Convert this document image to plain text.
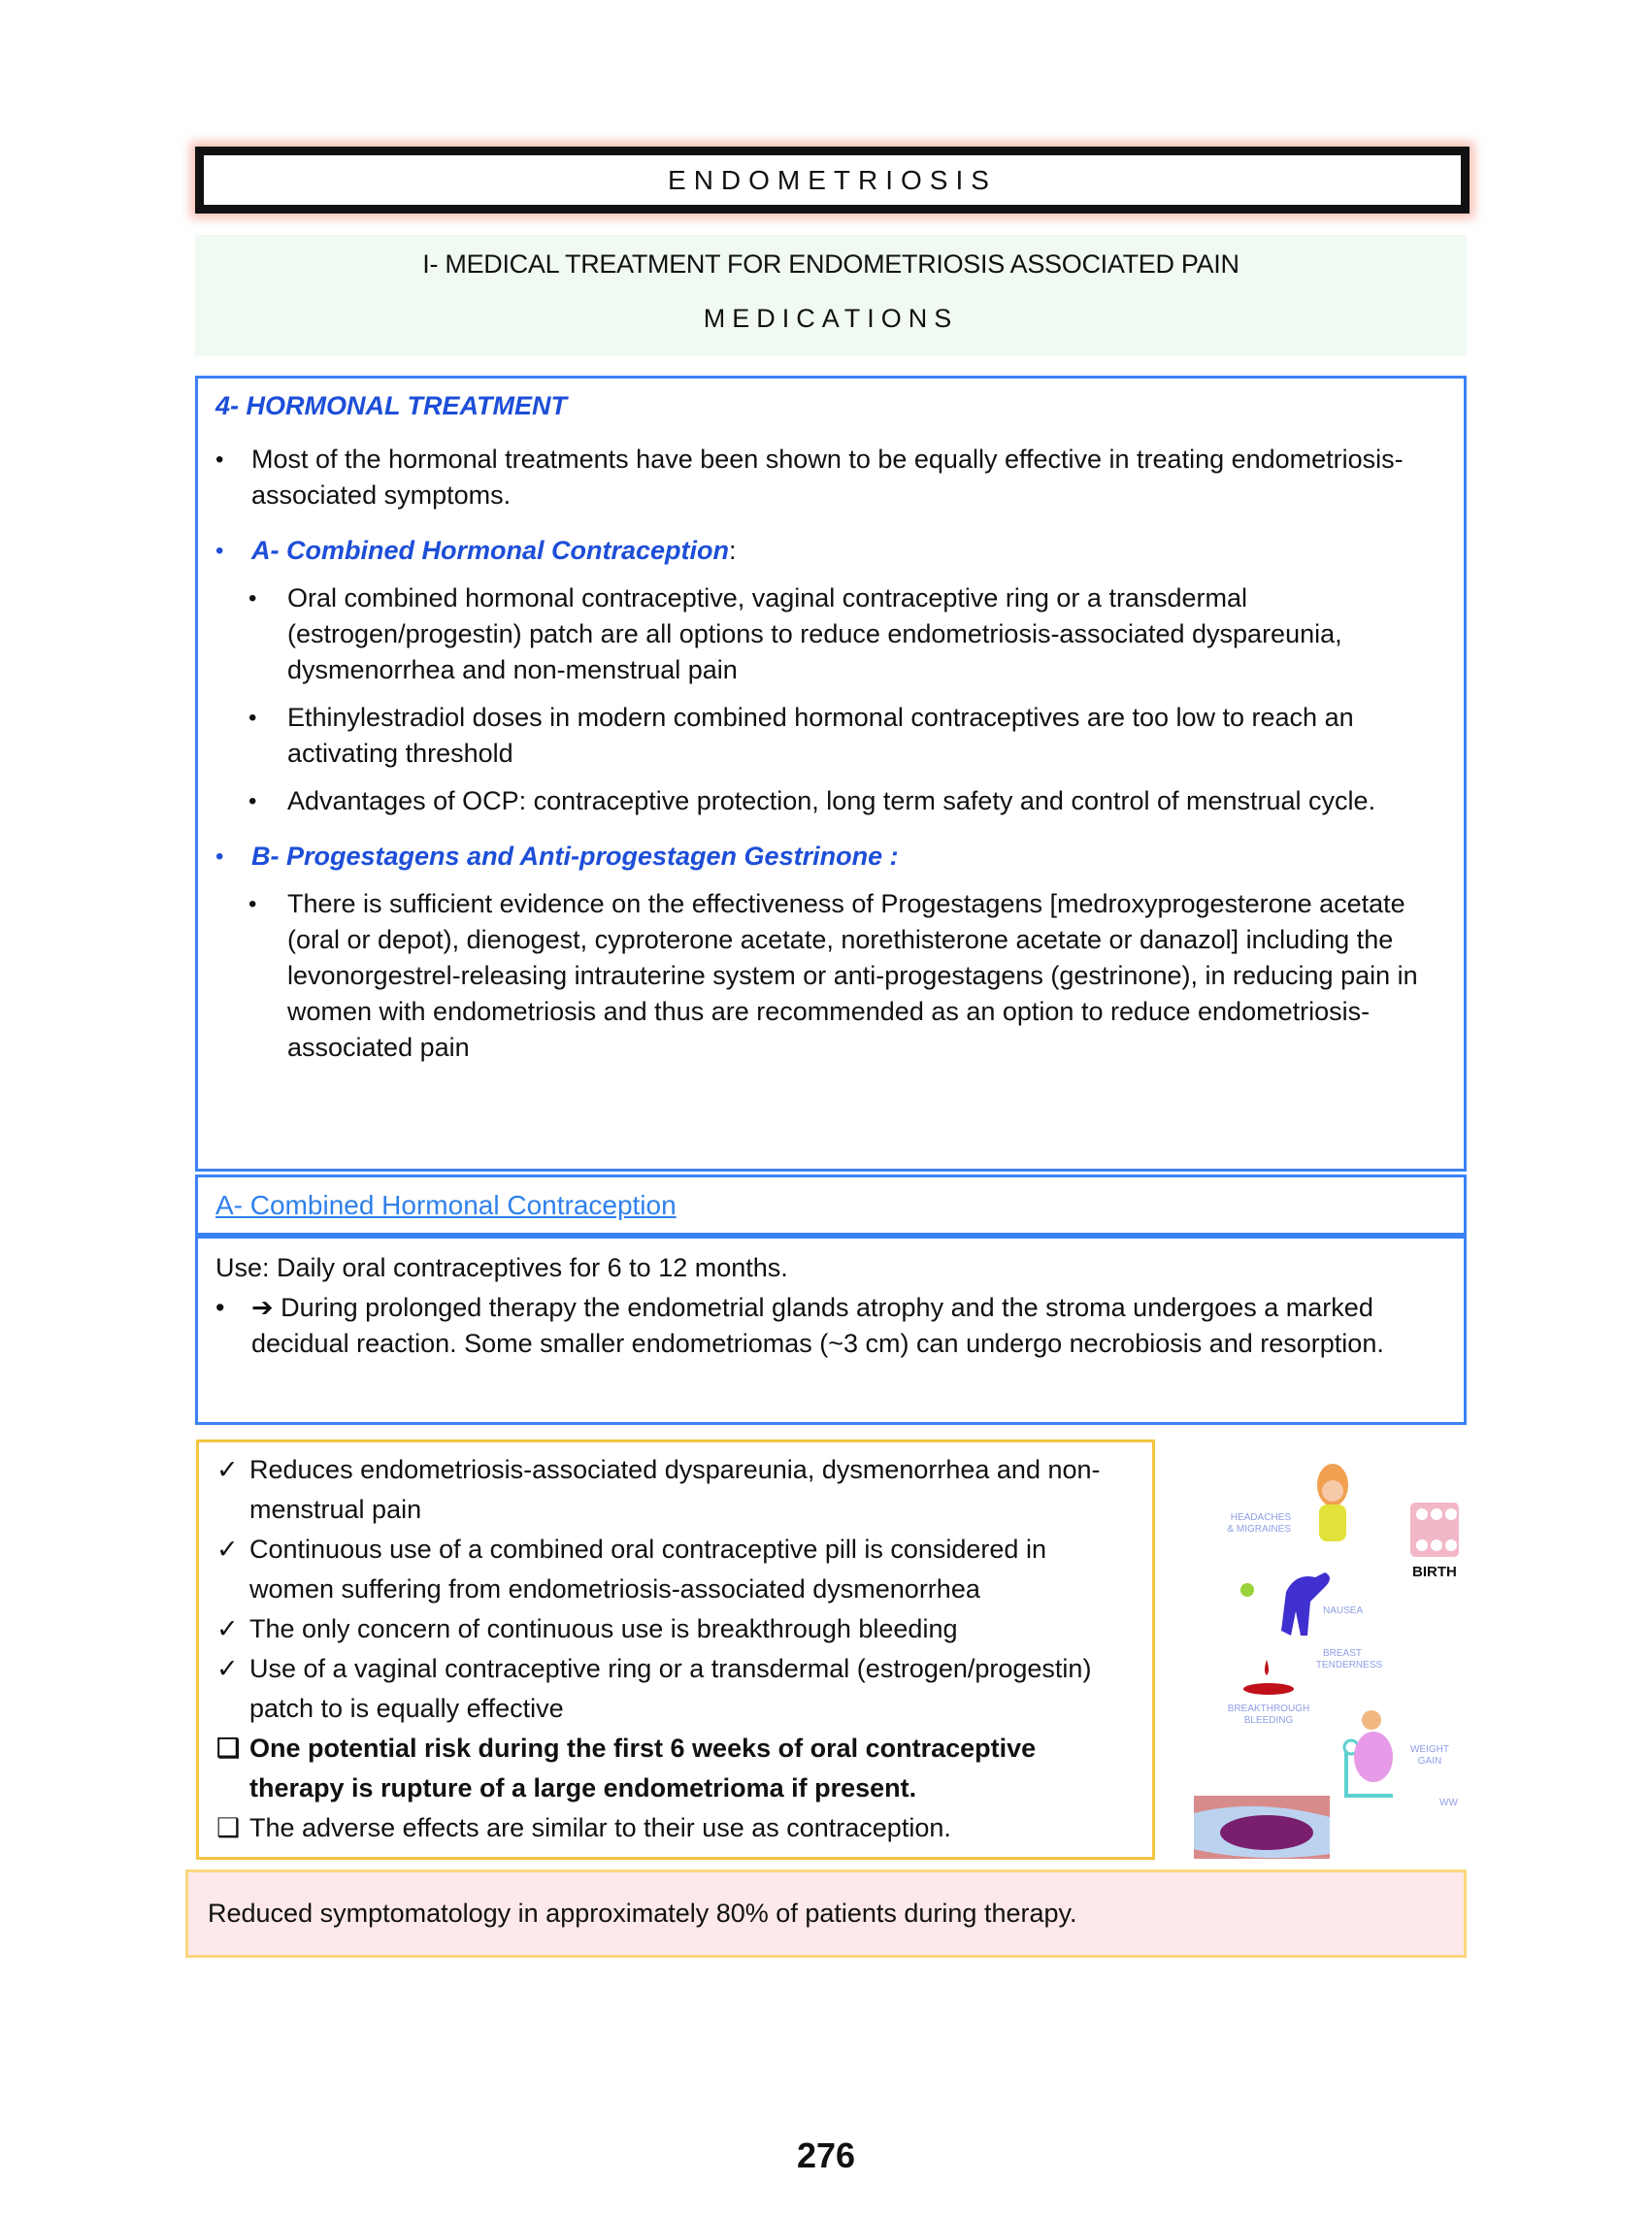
ENDOMETRIOSIS
I- MEDICAL TREATMENT FOR ENDOMETRIOSIS ASSOCIATED PAIN
MEDICATIONS
4- HORMONAL TREATMENT
• Most of the hormonal treatments have been shown to be equally effective in treating endometriosis-associated symptoms.
• A- Combined Hormonal Contraception:
• Oral combined hormonal contraceptive, vaginal contraceptive ring or a transdermal (estrogen/progestin) patch are all options to reduce endometriosis-associated dyspareunia, dysmenorrhea and non-menstrual pain
• Ethinylestradiol doses in modern combined hormonal contraceptives are too low to reach an activating threshold
• Advantages of OCP: contraceptive protection, long term safety and control of menstrual cycle.
• B- Progestagens and Anti-progestagen Gestrinone :
• There is sufficient evidence on the effectiveness of Progestagens [medroxyprogesterone acetate (oral or depot), dienogest, cyproterone acetate, norethisterone acetate or danazol] including the levonorgestrel-releasing intrauterine system or anti-progestagens (gestrinone), in reducing pain in women with endometriosis and thus are recommended as an option to reduce endometriosis-associated pain
A- Combined Hormonal Contraception
Use: Daily oral contraceptives for 6 to 12 months.
• ➔ During prolonged therapy the endometrial glands atrophy and the stroma undergoes a marked decidual reaction. Some smaller endometriomas (~3 cm) can undergo necrobiosis and resorption.
✓ Reduces endometriosis-associated dyspareunia, dysmenorrhea and non-menstrual pain
✓ Continuous use of a combined oral contraceptive pill is considered in women suffering from endometriosis-associated dysmenorrhea
✓ The only concern of continuous use is breakthrough bleeding
✓ Use of a vaginal contraceptive ring or a transdermal (estrogen/progestin) patch to is equally effective
❑ One potential risk during the first 6 weeks of oral contraceptive therapy is rupture of a large endometrioma if present.
❑ The adverse effects are similar to their use as contraception.
HEADACHES
& MIGRAINES
BIRTH
NAUSEA
BREAST
TENDERNESS
BREAKTHROUGH
BLEEDING
WEIGHT
GAIN
WW
Reduced symptomatology in approximately 80% of patients during therapy.
276
